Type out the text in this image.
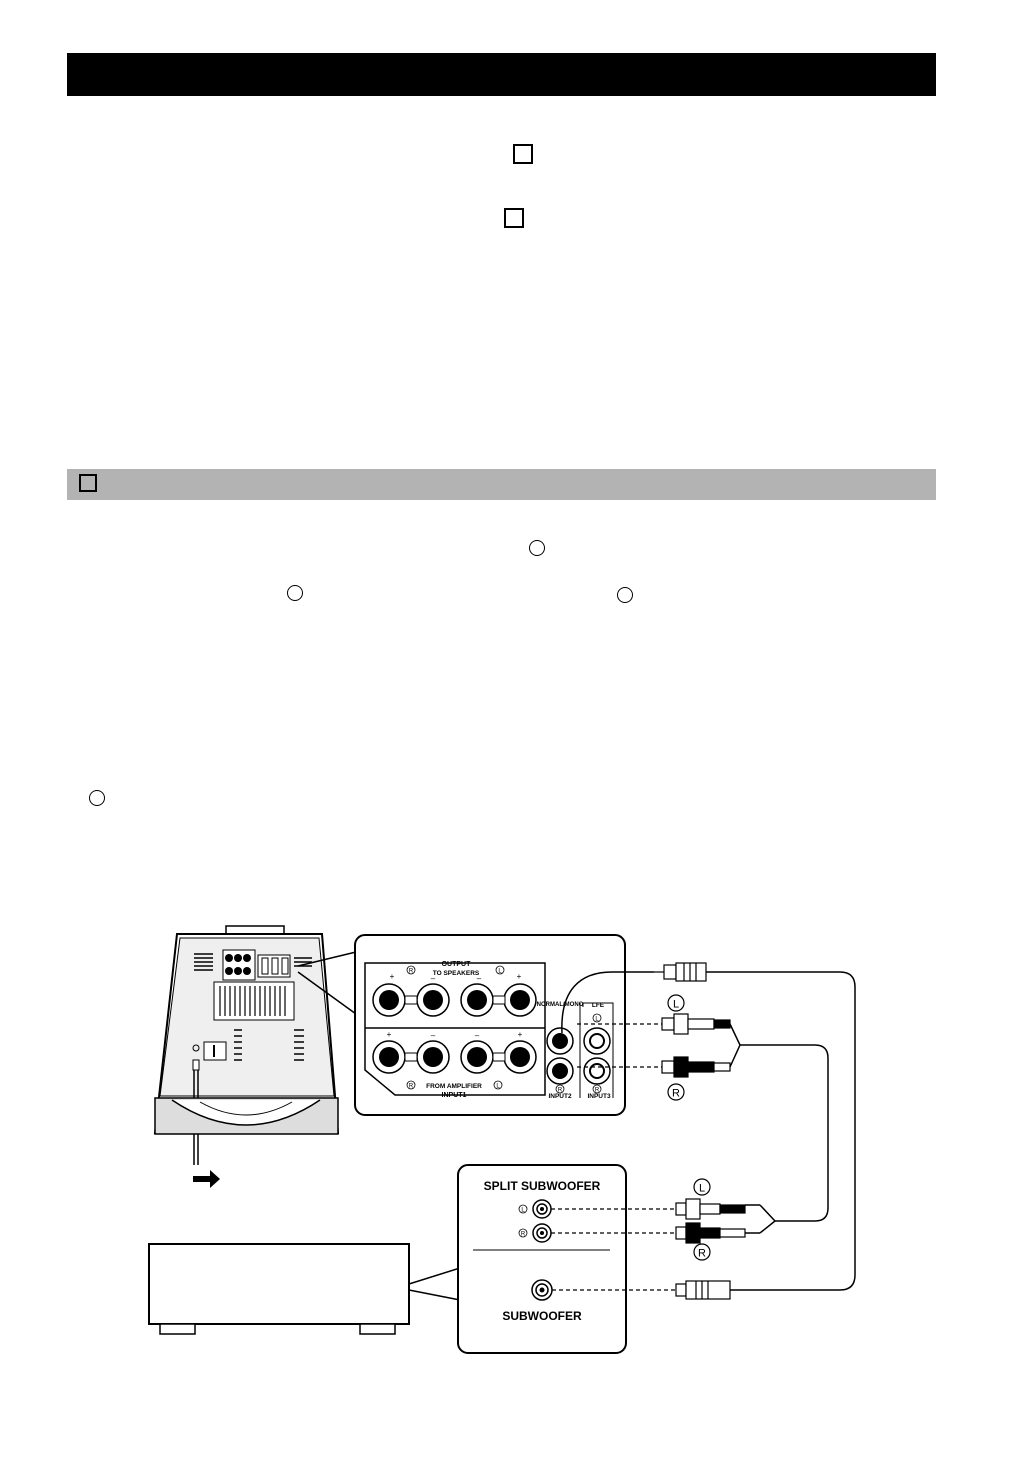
OUTPUT
TO SPEAKERS
+	–	–	+
R	L
+	–	–	+
R	L
FROM AMPLIFIER
INPUT1
NORMAL/MONO
R
INPUT2
LFE
L
R
INPUT3
L
R
SPLIT SUBWOOFER
L
R
SUBWOOFER
L
R
